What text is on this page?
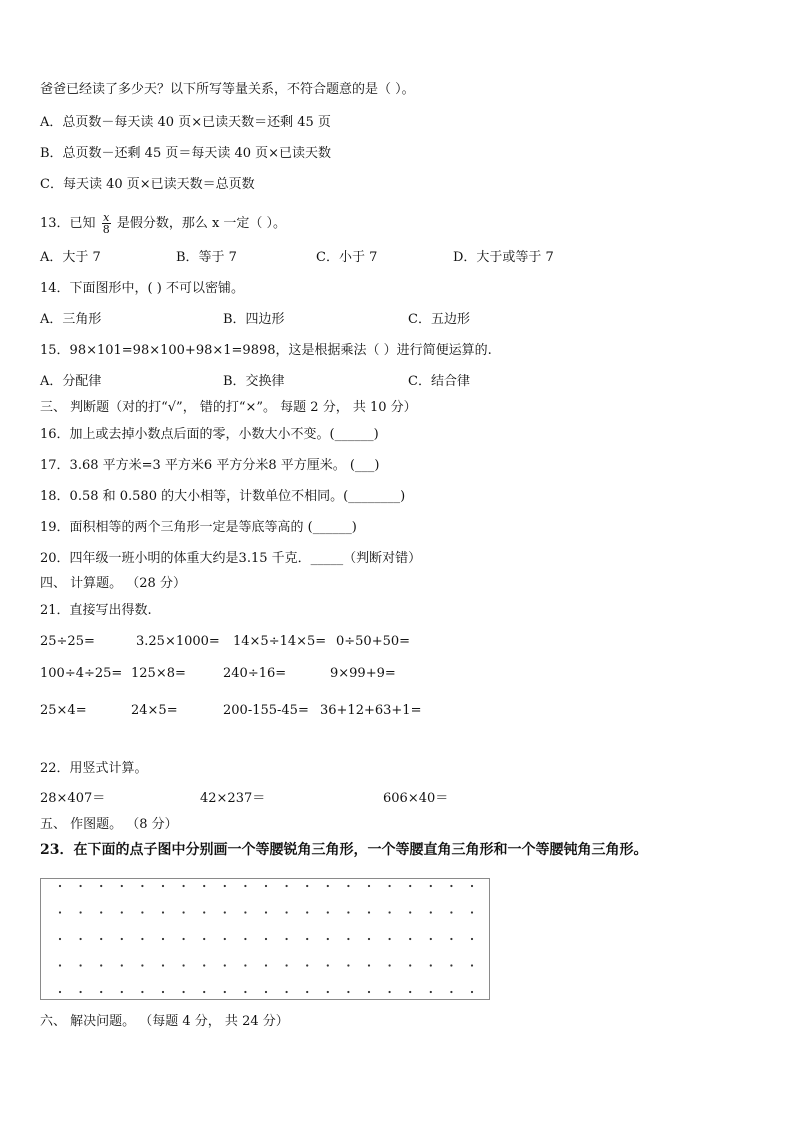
爸爸已经读了多少天？以下所写等量关系，不符合题意的是（ ）。
A．总页数－每天读 40 页×已读天数＝还剩 45 页
B．总页数－还剩 45 页＝每天读 40 页×已读天数
C．每天读 40 页×已读天数＝总页数
13．已知 $\frac{x}{8}$ 是假分数，那么 x 一定（ ）。
A．大于 7	B．等于 7	C．小于 7	D．大于或等于 7
14．下面图形中，( ) 不可以密铺。
A．三角形	B．四边形	C．五边形
15．98×101=98×100+98×1=9898，这是根据乘法（ ）进行简便运算的.
A．分配律	B．交换律	C．结合律
三、 判断题（对的打“√”， 错的打“×”。 每题 2 分， 共 10 分）
16．加上或去掉小数点后面的零，小数大小不变。(______)
17．3.68 平方米=3 平方米6 平方分米8 平方厘米。 (___)
18．0.58 和 0.580 的大小相等，计数单位不相同。(________)
19．面积相等的两个三角形一定是等底等高的 (______)
20．四年级一班小明的体重大约是3.15 千克．_____（判断对错）
四、 计算题。 （28 分）
21．直接写出得数.
25÷25=	3.25×1000= 14×5÷14×5= 0÷50+50=
100÷4÷25= 125×8=	240÷16=	9×99+9=
25×4=	24×5=	200-155-45= 36+12+63+1=
22．用竖式计算。
28×407＝	42×237＝	606×40＝
五、 作图题。 （8 分）
23．在下面的点子图中分别画一个等腰锐角三角形，一个等腰直角三角形和一个等腰钝角三角形。
六、 解决问题。 （每题 4 分， 共 24 分）
